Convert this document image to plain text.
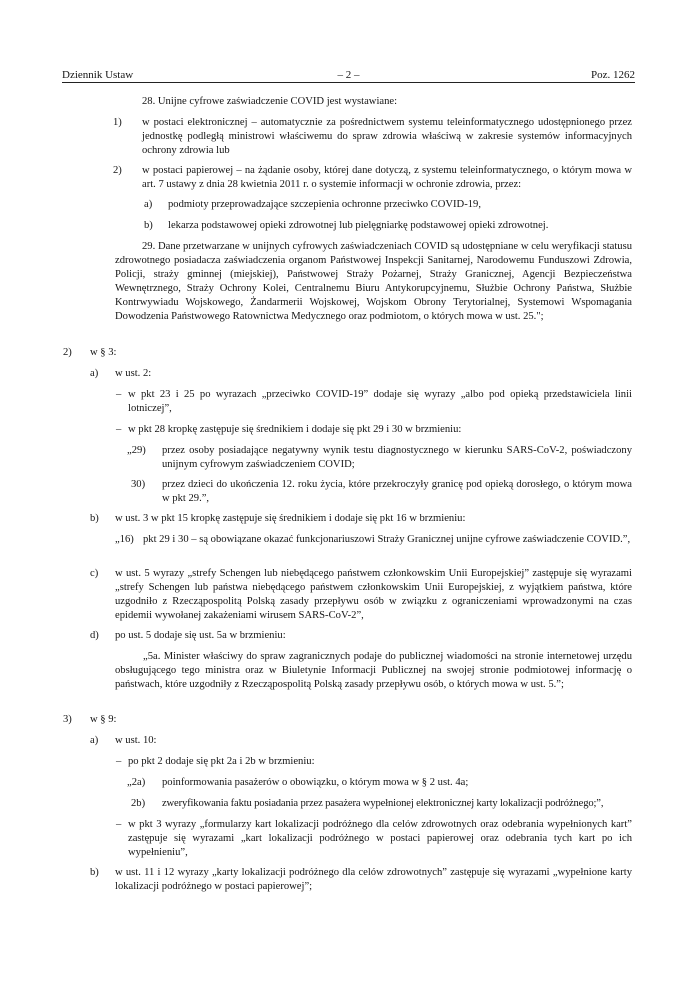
Dziennik Ustaw	– 2 –	Poz. 1262

28. Unijne cyfrowe zaświadczenie COVID jest wystawiane:

1) w postaci elektronicznej – automatycznie za pośrednictwem systemu teleinformatycznego udostępnionego przez jednostkę podległą ministrowi właściwemu do spraw zdrowia właściwą w zakresie systemów informacyjnych ochrony zdrowia lub

2) w postaci papierowej – na żądanie osoby, której dane dotyczą, z systemu teleinformatycznego, o którym mowa w art. 7 ustawy z dnia 28 kwietnia 2011 r. o systemie informacji w ochronie zdrowia, przez:

a) podmioty przeprowadzające szczepienia ochronne przeciwko COVID-19,

b) lekarza podstawowej opieki zdrowotnej lub pielęgniarkę podstawowej opieki zdrowotnej.

29. Dane przetwarzane w unijnych cyfrowych zaświadczeniach COVID są udostępniane w celu weryfikacji statusu zdrowotnego posiadacza zaświadczenia organom Państwowej Inspekcji Sanitarnej, Narodowemu Funduszowi Zdrowia, Policji, straży gminnej (miejskiej), Państwowej Straży Pożarnej, Straży Granicznej, Agencji Bezpieczeństwa Wewnętrznego, Straży Ochrony Kolei, Centralnemu Biuru Antykorupcyjnemu, Służbie Ochrony Państwa, Służbie Kontrwywiadu Wojskowego, Żandarmerii Wojskowej, Wojskom Obrony Terytorialnej, Systemowi Wspomagania Dowodzenia Państwowego Ratownictwa Medycznego oraz podmiotom, o których mowa w ust. 25.";

2) w § 3:

a) w ust. 2:

– w pkt 23 i 25 po wyrazach „przeciwko COVID-19” dodaje się wyrazy „albo pod opieką przedstawiciela linii lotniczej”,

– w pkt 28 kropkę zastępuje się średnikiem i dodaje się pkt 29 i 30 w brzmieniu:

„29) przez osoby posiadające negatywny wynik testu diagnostycznego w kierunku SARS-CoV-2, poświadczony unijnym cyfrowym zaświadczeniem COVID;

30) przez dzieci do ukończenia 12. roku życia, które przekroczyły granicę pod opieką dorosłego, o którym mowa w pkt 29.”,

b) w ust. 3 w pkt 15 kropkę zastępuje się średnikiem i dodaje się pkt 16 w brzmieniu:

„16) pkt 29 i 30 – są obowiązane okazać funkcjonariuszowi Straży Granicznej unijne cyfrowe zaświadczenie COVID.”,

c) w ust. 5 wyrazy „strefy Schengen lub niebędącego państwem członkowskim Unii Europejskiej” zastępuje się wyrazami „strefy Schengen lub państwa niebędącego państwem członkowskim Unii Europejskiej, z wyjątkiem państwa, które uzgodniło z Rzecząpospolitą Polską zasady przepływu osób w związku z ograniczeniami wprowadzonymi na czas epidemii wywołanej zakażeniami wirusem SARS-CoV-2”,

d) po ust. 5 dodaje się ust. 5a w brzmieniu:

„5a. Minister właściwy do spraw zagranicznych podaje do publicznej wiadomości na stronie internetowej urzędu obsługującego tego ministra oraz w Biuletynie Informacji Publicznej na swojej stronie podmiotowej informację o państwach, które uzgodniły z Rzecząpospolitą Polską zasady przepływu osób, o których mowa w ust. 5.”;

3) w § 9:

a) w ust. 10:

– po pkt 2 dodaje się pkt 2a i 2b w brzmieniu:

„2a) poinformowania pasażerów o obowiązku, o którym mowa w § 2 ust. 4a;

2b) zweryfikowania faktu posiadania przez pasażera wypełnionej elektronicznej karty lokalizacji podróżnego;”,

– w pkt 3 wyrazy „formularzy kart lokalizacji podróżnego dla celów zdrowotnych oraz odebrania wypełnionych kart” zastępuje się wyrazami „kart lokalizacji podróżnego w postaci papierowej oraz odebrania tych kart po ich wypełnieniu”,

b) w ust. 11 i 12 wyrazy „karty lokalizacji podróżnego dla celów zdrowotnych” zastępuje się wyrazami „wypełnione karty lokalizacji podróżnego w postaci papierowej”;
